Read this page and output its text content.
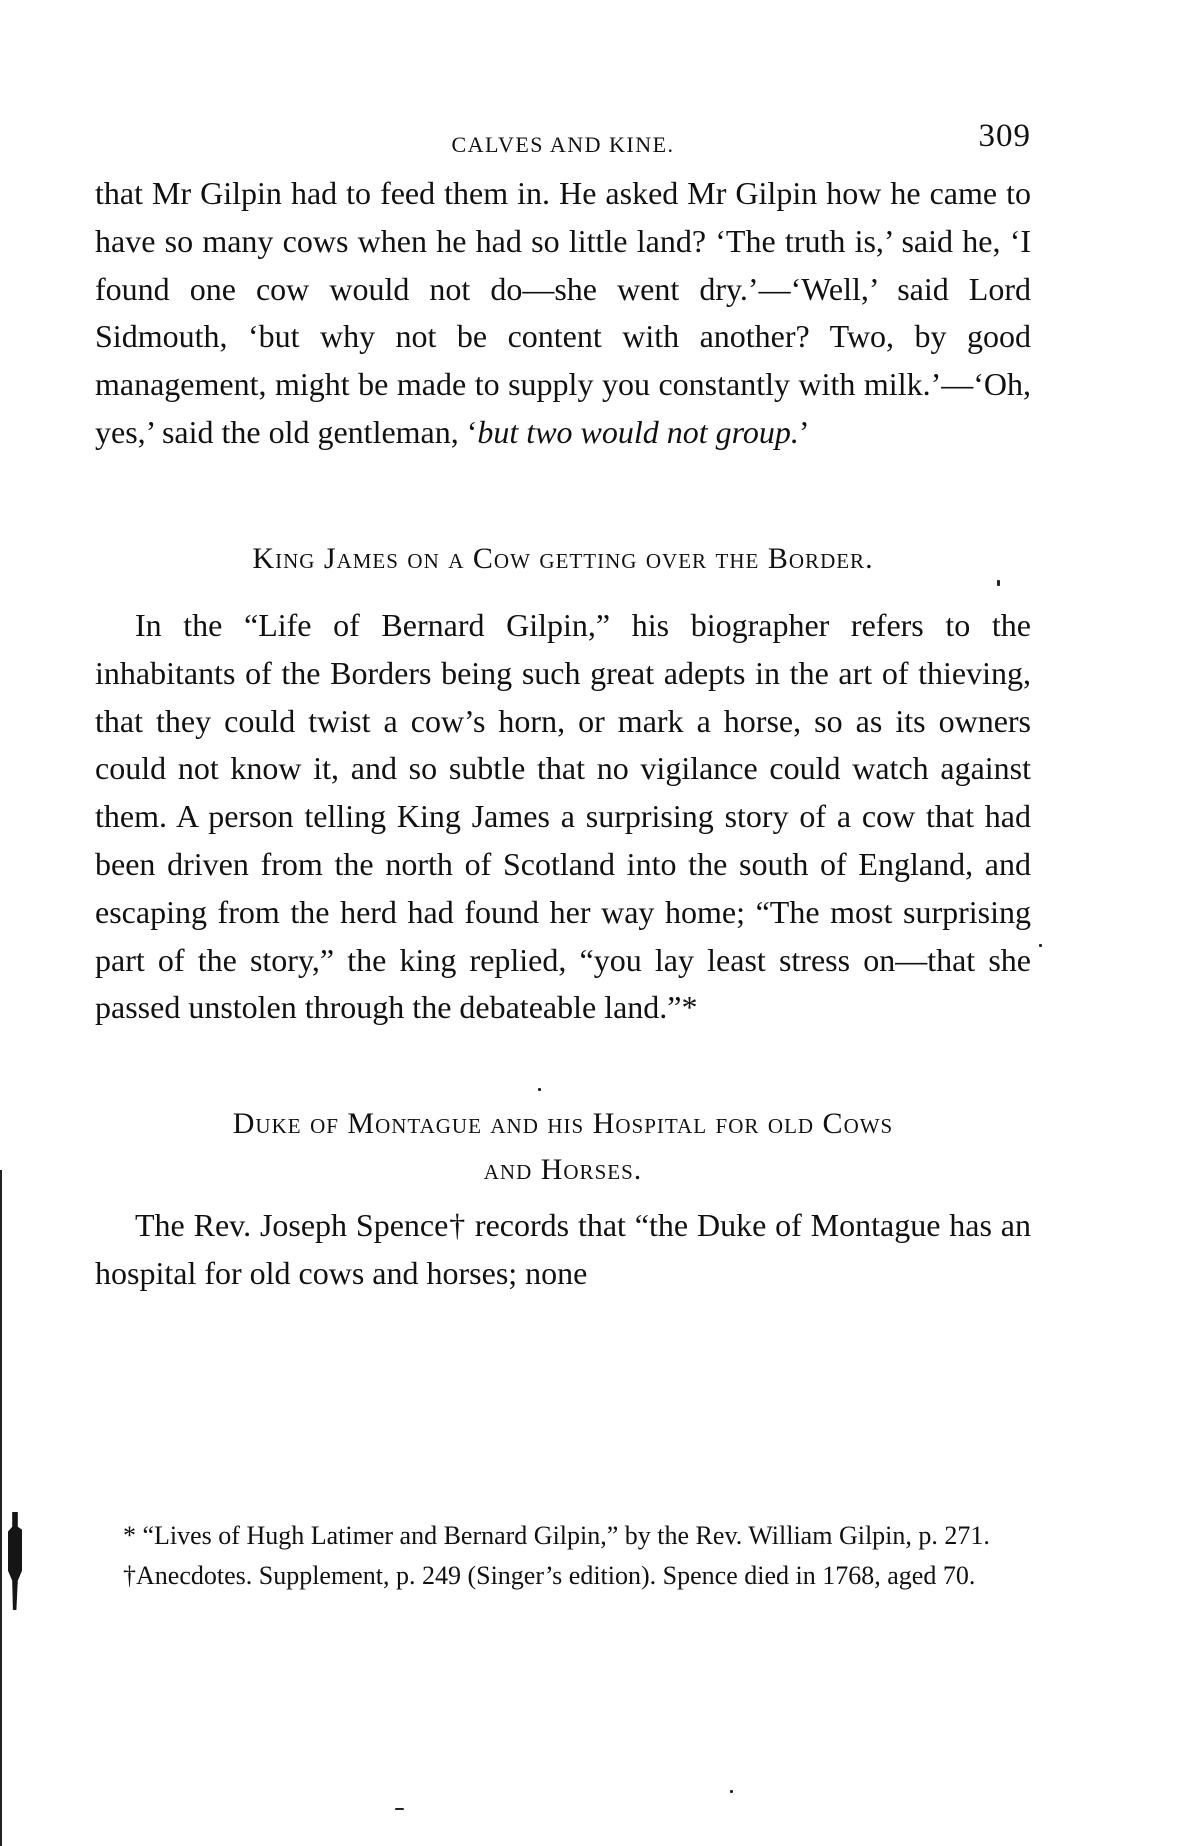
CALVES AND KINE.	309

that Mr Gilpin had to feed them in. He asked Mr Gilpin how he came to have so many cows when he had so little land? ‘The truth is,’ said he, ‘I found one cow would not do—she went dry.’—‘Well,’ said Lord Sidmouth, ‘but why not be content with another? Two, by good management, might be made to supply you constantly with milk.’—‘Oh, yes,’ said the old gentleman, ‘but two would not group.’

King James on a Cow getting over the Border.

In the “Life of Bernard Gilpin,” his biographer refers to the inhabitants of the Borders being such great adepts in the art of thieving, that they could twist a cow’s horn, or mark a horse, so as its owners could not know it, and so subtle that no vigilance could watch against them. A person telling King James a surprising story of a cow that had been driven from the north of Scotland into the south of England, and escaping from the herd had found her way home; “The most surprising part of the story,” the king replied, “you lay least stress on—that she passed unstolen through the debateable land.”*

Duke of Montague and his Hospital for old Cows
and Horses.

The Rev. Joseph Spence† records that “the Duke of Montague has an hospital for old cows and horses; none

* “Lives of Hugh Latimer and Bernard Gilpin,” by the Rev. William Gilpin, p. 271.

†Anecdotes. Supplement, p. 249 (Singer’s edition). Spence died in 1768, aged 70.
